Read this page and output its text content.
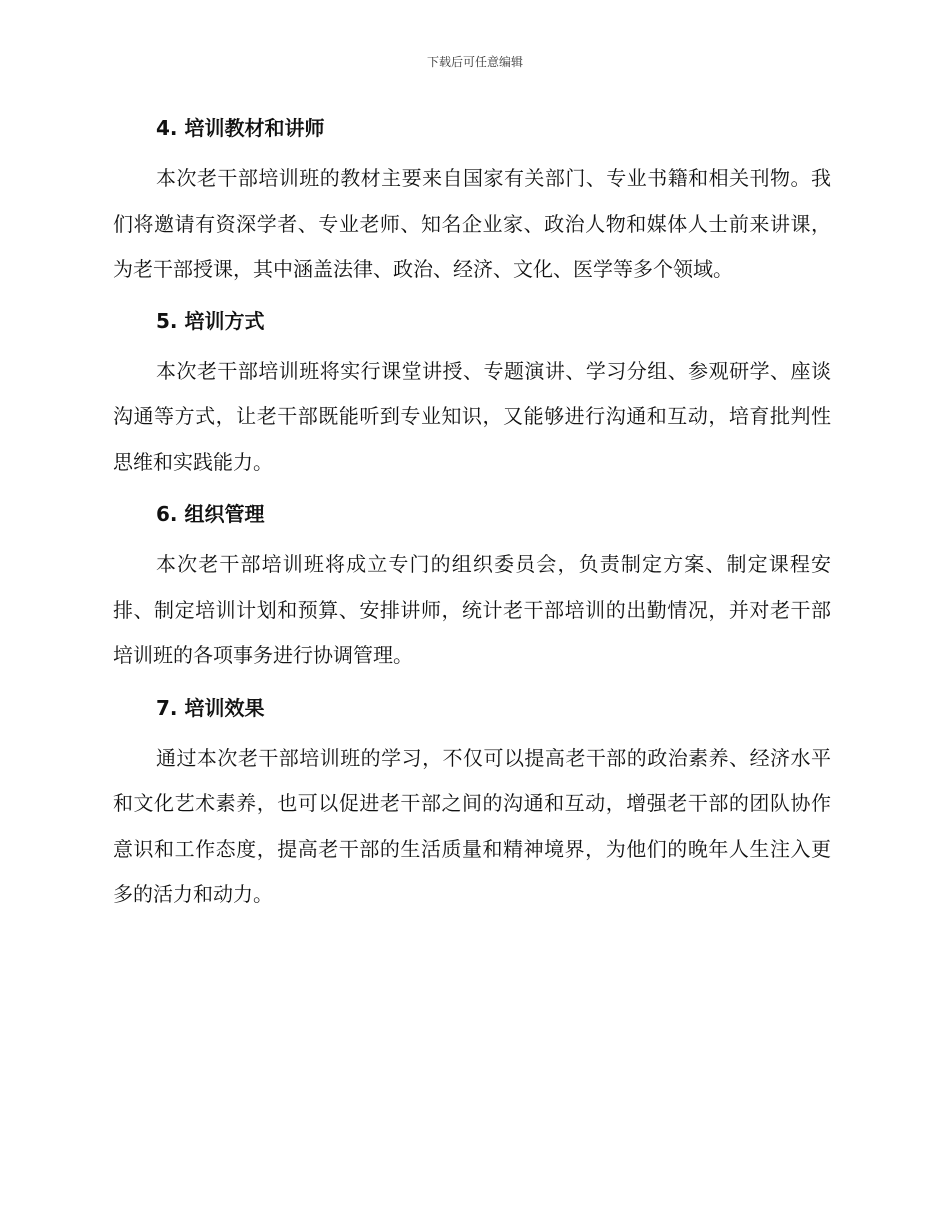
下载后可任意编辑
4. 培训教材和讲师

本次老干部培训班的教材主要来自国家有关部门、专业书籍和相关刊物。我们将邀请有资深学者、专业老师、知名企业家、政治人物和媒体人士前来讲课，为老干部授课，其中涵盖法律、政治、经济、文化、医学等多个领域。

5. 培训方式

本次老干部培训班将实行课堂讲授、专题演讲、学习分组、参观研学、座谈沟通等方式，让老干部既能听到专业知识，又能够进行沟通和互动，培育批判性思维和实践能力。

6. 组织管理

本次老干部培训班将成立专门的组织委员会，负责制定方案、制定课程安排、制定培训计划和预算、安排讲师，统计老干部培训的出勤情况，并对老干部培训班的各项事务进行协调管理。

7. 培训效果

通过本次老干部培训班的学习，不仅可以提高老干部的政治素养、经济水平和文化艺术素养，也可以促进老干部之间的沟通和互动，增强老干部的团队协作意识和工作态度，提高老干部的生活质量和精神境界，为他们的晚年人生注入更多的活力和动力。
